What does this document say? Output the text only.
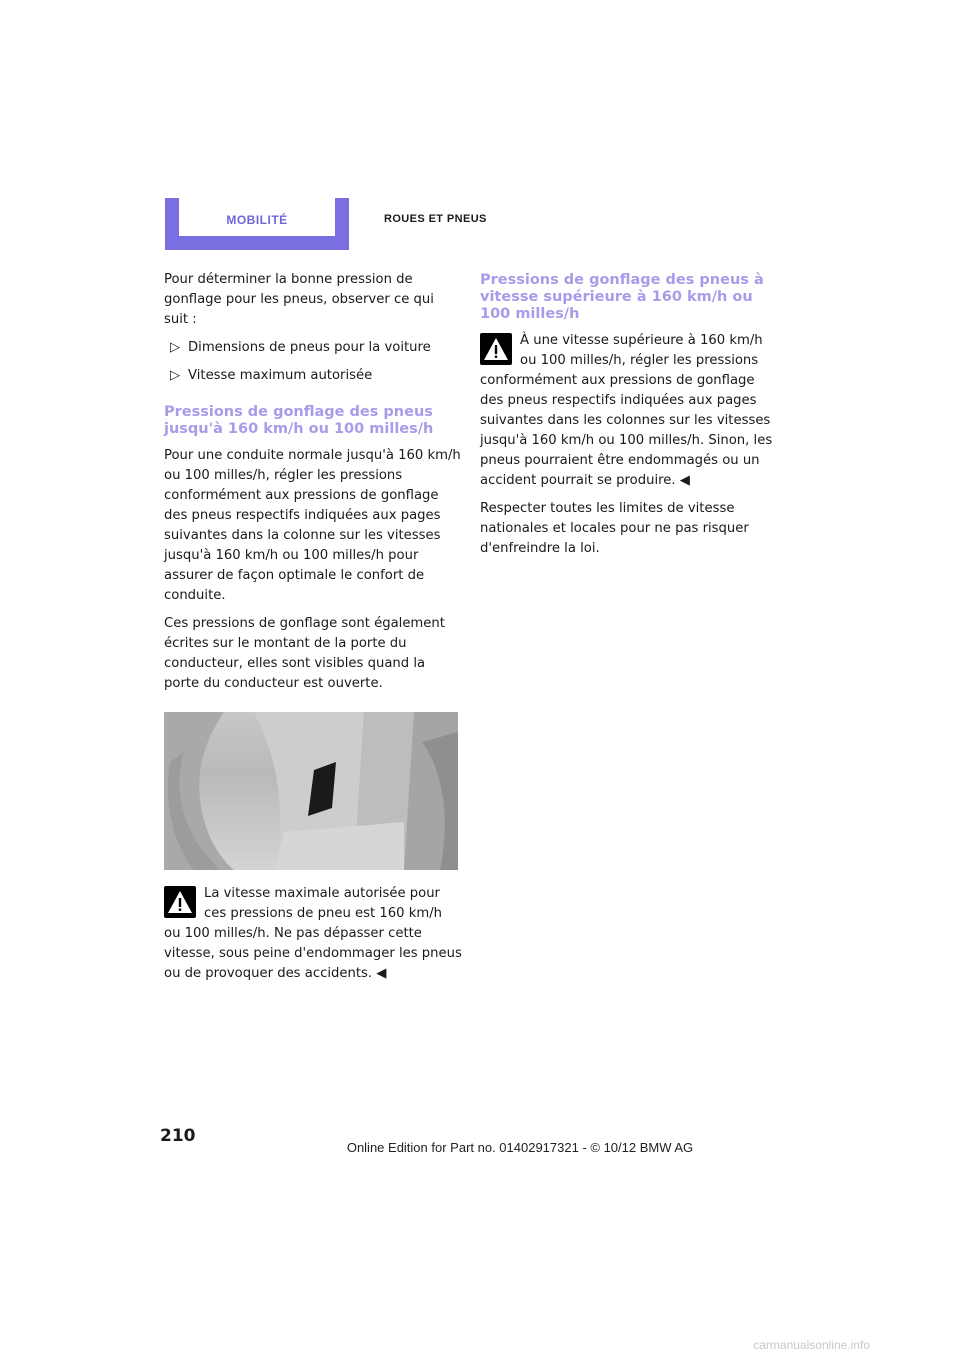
MOBILITÉ	ROUES ET PNEUS

Pour déterminer la bonne pression de gonflage pour les pneus, observer ce qui suit :

▷ Dimensions de pneus pour la voiture
▷ Vitesse maximum autorisée
Pressions de gonflage des pneus jusqu'à 160 km/h ou 100 milles/h

Pour une conduite normale jusqu'à 160 km/h ou 100 milles/h, régler les pressions conformément aux pressions de gonflage des pneus respectifs indiquées aux pages suivantes dans la colonne sur les vitesses jusqu'à 160 km/h ou 100 milles/h pour assurer de façon optimale le confort de conduite.

Ces pressions de gonflage sont également écrites sur le montant de la porte du conducteur, elles sont visibles quand la porte du conducteur est ouverte.

La vitesse maximale autorisée pour ces pressions de pneu est 160 km/h ou 100 milles/h. Ne pas dépasser cette vitesse, sous peine d'endommager les pneus ou de provoquer des accidents. ◀
Pressions de gonflage des pneus à vitesse supérieure à 160 km/h ou 100 milles/h
À une vitesse supérieure à 160 km/h ou 100 milles/h, régler les pressions conformément aux pressions de gonflage des pneus respectifs indiquées aux pages suivantes dans les colonnes sur les vitesses jusqu'à 160 km/h ou 100 milles/h. Sinon, les pneus pourraient être endommagés ou un accident pourrait se produire. ◀

Respecter toutes les limites de vitesse nationales et locales pour ne pas risquer d'enfreindre la loi.

210
Online Edition for Part no. 01402917321 - © 10/12 BMW AG
carmanualsonline.info
